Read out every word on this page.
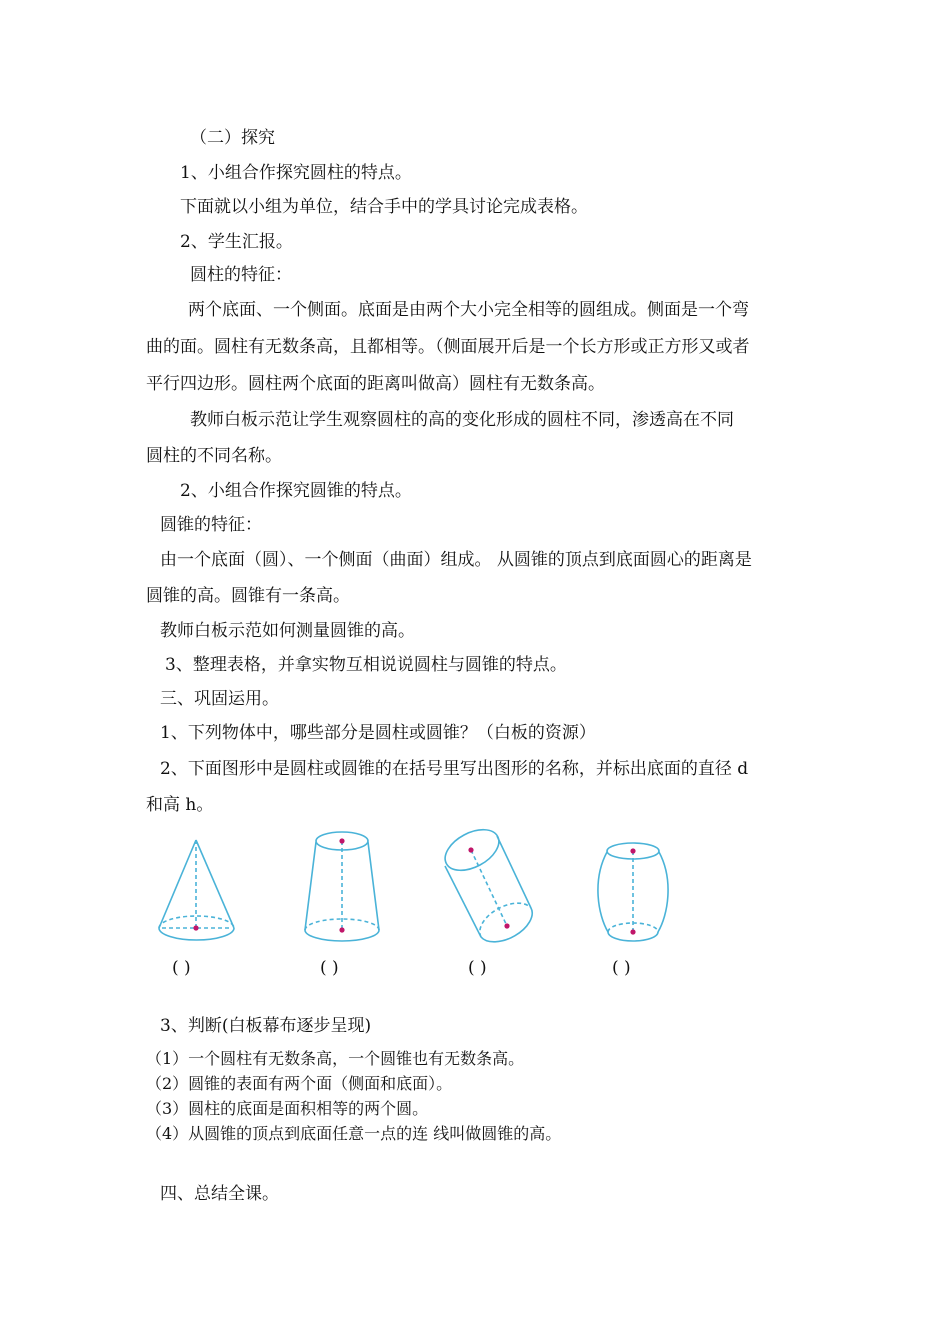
（二）探究
1、小组合作探究圆柱的特点。
下面就以小组为单位，结合手中的学具讨论完成表格。
2、学生汇报。
圆柱的特征：
两个底面、一个侧面。底面是由两个大小完全相等的圆组成。侧面是一个弯
曲的面。圆柱有无数条高，且都相等。（侧面展开后是一个长方形或正方形又或者
平行四边形。圆柱两个底面的距离叫做高）圆柱有无数条高。
教师白板示范让学生观察圆柱的高的变化形成的圆柱不同，渗透高在不同
圆柱的不同名称。
2、小组合作探究圆锥的特点。
圆锥的特征：
由一个底面（圆）、一个侧面（曲面）组成。 从圆锥的顶点到底面圆心的距离是
圆锥的高。圆锥有一条高。
教师白板示范如何测量圆锥的高。
3、整理表格，并拿实物互相说说圆柱与圆锥的特点。
三、巩固运用。
1、下列物体中，哪些部分是圆柱或圆锥？（白板的资源）
2、下面图形中是圆柱或圆锥的在括号里写出图形的名称，并标出底面的直径 d
和高 h。
( )	( )	( )	( )
3、判断(白板幕布逐步呈现)
（1）一个圆柱有无数条高，一个圆锥也有无数条高。
（2）圆锥的表面有两个面（侧面和底面）。
（3）圆柱的底面是面积相等的两个圆。
（4）从圆锥的顶点到底面任意一点的连 线叫做圆锥的高。
四、总结全课。
